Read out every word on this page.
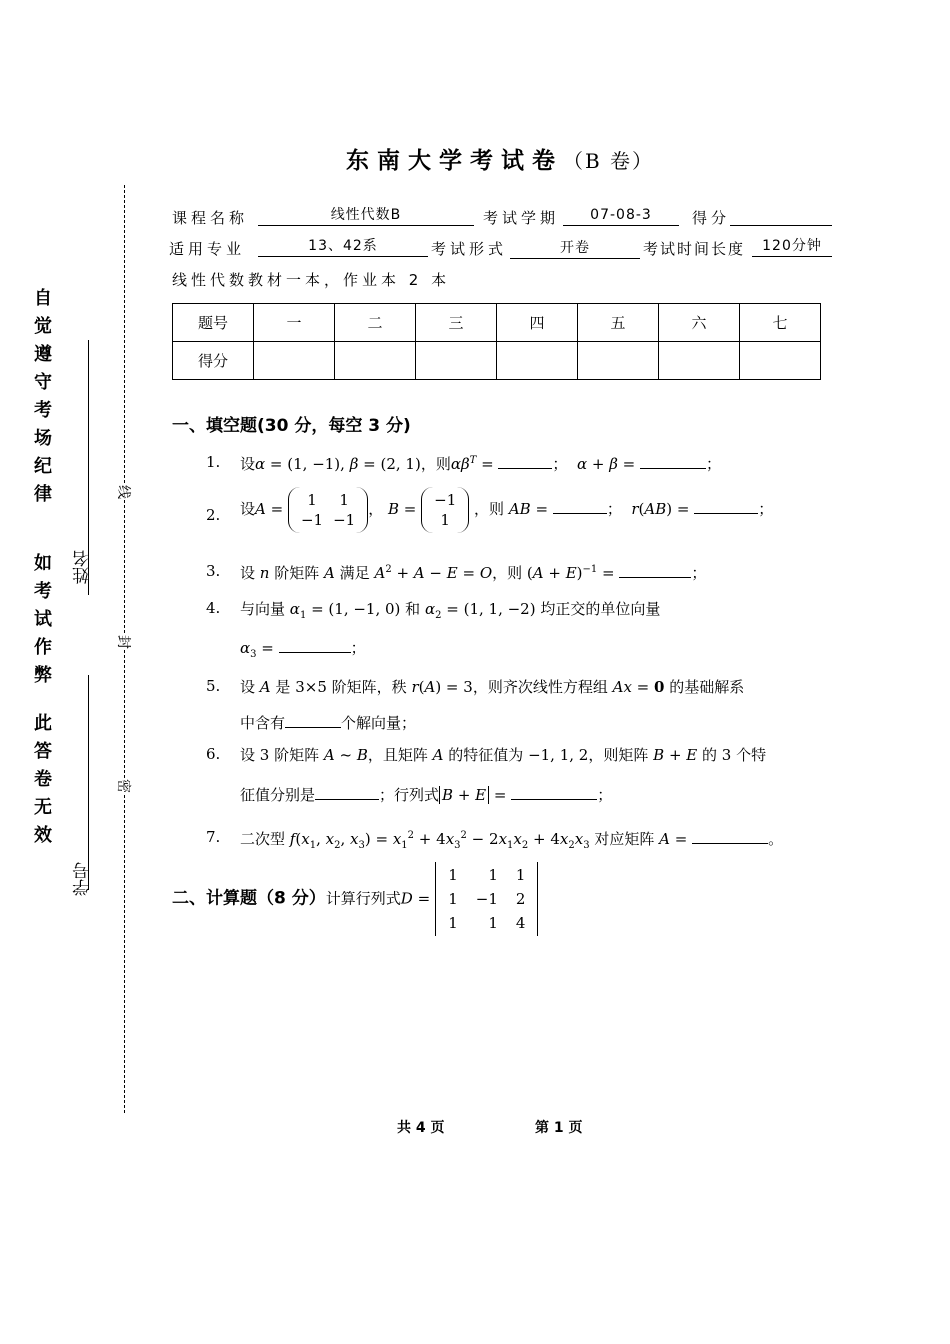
自觉遵守考场纪律
如考试作弊
此答卷无效
姓名
学号
线
封
密
东南大学考试卷（B 卷）
课程名称	线性代数B	考试学期	07-08-3	得分
适用专业	13、42系	考试形式	开卷	考试时间长度	120分钟
线性代数教材一本，作业本 2 本
题号	一	二	三	四	五	六	七
得分							
一、填空题(30 分，每空 3 分)
1. 设α = (1, −1), β = (2, 1)，则$\alpha\beta^T$ =	；  α + β =	；
2. 设A = 1	1
−1	−1， B = −1
1 ，则 AB =	；  r(AB) =	；
3. 设 n 阶矩阵 A 满足 $A^2 + A - E = O$，则 $(A + E)^{-1}$ =	；
4. 与向量 $\alpha_1 = (1$, −1, 0) 和 $\alpha_2 = (1$, 1, −2) 均正交的单位向量
$\alpha_3$ =	；
5. 设 A 是 3×5 阶矩阵，秩 r(A) = 3，则齐次线性方程组 Ax = 0 的基础解系
中含有	个解向量；
6. 设 3 阶矩阵 A ~ B，且矩阵 A 的特征值为 −1, 1, 2，则矩阵 B + E 的 3 个特
征值分别是	；行列式 B + E =	；
7. 二次型 $f(x_1$, $x_2$, $x_3) = x_1^2 + 4x_3^2 - 2x_1x_2 + 4x_2x_3$ 对应矩阵 A =	。
二、计算题（8 分）计算行列式D = 1	1	1
1	−1	2
1	1	4
共 4 页	第 1 页
